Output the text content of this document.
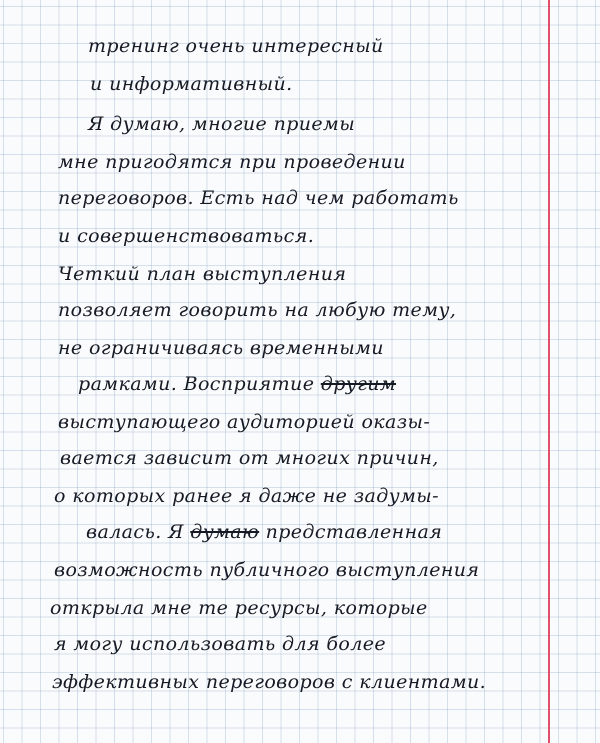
тренинг очень интересный
и информативный.
Я думаю, многие приемы
мне пригодятся при проведении
переговоров. Есть над чем работать
и совершенствоваться.
Четкий план выступления
позволяет говорить на любую тему,
не ограничиваясь временными
рамками. Восприятие другим
выступающего аудиторией оказы-
вается зависит от многих причин,
о которых ранее я даже не задумы-
валась. Я думаю представленная
возможность публичного выступления
открыла мне те ресурсы, которые
я могу использовать для более
эффективных переговоров с клиентами.
